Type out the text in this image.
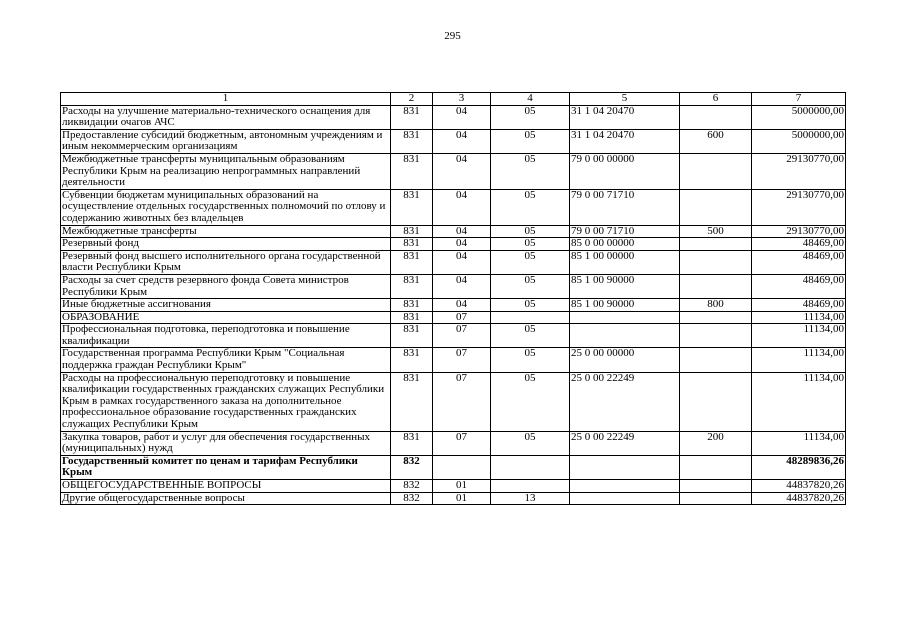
295
1	2	3	4	5	6	7
Расходы на улучшение материально-технического оснащения для ликвидации очагов АЧС	831	04	05	31 1 04 20470		5000000,00
Предоставление субсидий бюджетным, автономным учреждениям и иным некоммерческим организациям	831	04	05	31 1 04 20470	600	5000000,00
Межбюджетные трансферты муниципальным образованиям Республики Крым на реализацию непрограммных направлений деятельности	831	04	05	79 0 00 00000		29130770,00
Субвенции бюджетам муниципальных образований на осуществление отдельных государственных полномочий по отлову и содержанию животных без владельцев	831	04	05	79 0 00 71710		29130770,00
Межбюджетные трансферты	831	04	05	79 0 00 71710	500	29130770,00
Резервный фонд	831	04	05	85 0 00 00000		48469,00
Резервный фонд высшего исполнительного органа государственной власти Республики Крым	831	04	05	85 1 00 00000		48469,00
Расходы за счет средств резервного фонда Совета министров Республики Крым	831	04	05	85 1 00 90000		48469,00
Иные бюджетные ассигнования	831	04	05	85 1 00 90000	800	48469,00
ОБРАЗОВАНИЕ	831	07				11134,00
Профессиональная подготовка, переподготовка и повышение квалификации	831	07	05			11134,00
Государственная программа Республики Крым "Социальная поддержка граждан Республики Крым"	831	07	05	25 0 00 00000		11134,00
Расходы на профессиональную переподготовку и повышение квалификации государственных гражданских служащих Республики Крым в рамках государственного заказа на дополнительное профессиональное образование государственных гражданских служащих Республики Крым	831	07	05	25 0 00 22249		11134,00
Закупка товаров, работ и услуг для обеспечения государственных (муниципальных) нужд	831	07	05	25 0 00 22249	200	11134,00
Государственный комитет по ценам и тарифам Республики Крым	832					48289836,26
ОБЩЕГОСУДАРСТВЕННЫЕ ВОПРОСЫ	832	01				44837820,26
Другие общегосударственные вопросы	832	01	13			44837820,26
